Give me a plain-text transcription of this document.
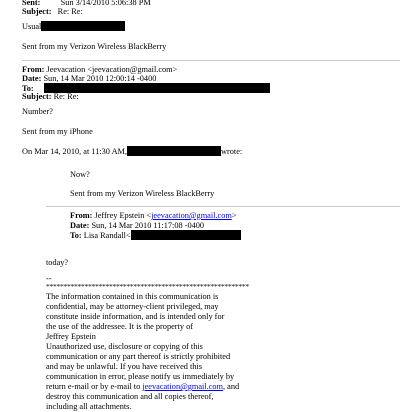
Sent: Sun 3/14/2010 5:06:38 PM
Subject: Re: Re:
Usual
Sent from my Verizon Wireless BlackBerry
From: Jeevacation <jeevacation@gmail.com>
Date: Sun, 14 Mar 2010 12:00:14 -0400
To:
Subject: Re: Re:
Number?
Sent from my iPhone
On Mar 14, 2010, at 11:30 AM,	wrote:
Now?
Sent from my Verizon Wireless BlackBerry
From: Jeffrey Epstein <jeevacation@gmail.com>
Date: Sun, 14 Mar 2010 11:17:08 -0400
To: Lisa Randall<
today?
--
**********************************************************
The information contained in this communication is
confidential, may be attorney-client privileged, may
constitute inside information, and is intended only for
the use of the addressee. It is the property of
Jeffrey Epstein
Unauthorized use, disclosure or copying of this
communication or any part thereof is strictly prohibited
and may be unlawful. If you have received this
communication in error, please notify us immediately by
return e-mail or by e-mail to jeevacation@gmail.com, and
destroy this communication and all copies thereof,
including all attachments.
